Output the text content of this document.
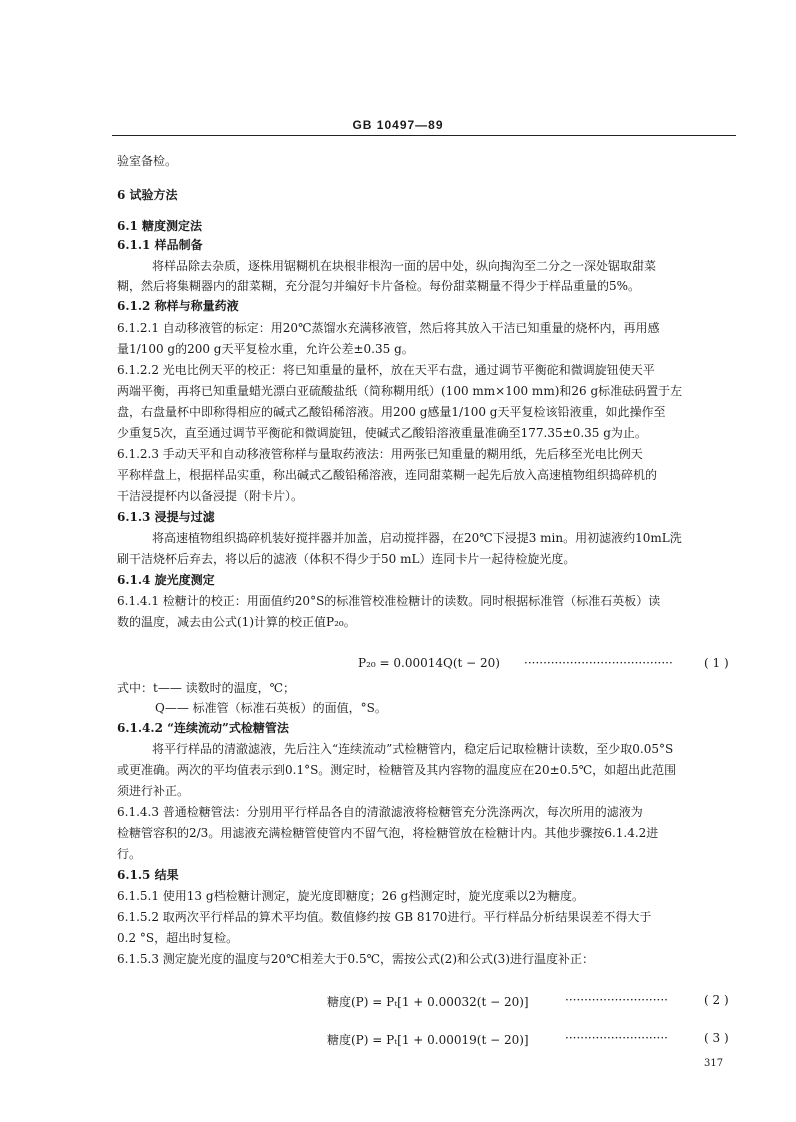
GB 10497—89
验室备检。
6 试验方法
6.1 糖度测定法
6.1.1 样品制备
将样品除去杂质，逐株用锯糊机在块根非根沟一面的居中处，纵向掏沟至二分之一深处锯取甜菜
糊，然后将集糊器内的甜菜糊，充分混匀并编好卡片备检。每份甜菜糊量不得少于样品重量的5%。
6.1.2 称样与称量药液
6.1.2.1 自动移液管的标定：用20℃蒸馏水充满移液管，然后将其放入干洁已知重量的烧杯内，再用感
量1/100 g的200 g天平复检水重，允许公差±0.35 g。
6.1.2.2 光电比例天平的校正：将已知重量的量杯，放在天平右盘，通过调节平衡砣和微调旋钮使天平
两端平衡，再将已知重量蜡光漂白亚硫酸盐纸（简称糊用纸）(100 mm×100 mm)和26 g标准砝码置于左
盘，右盘量杯中即称得相应的碱式乙酸铅稀溶液。用200 g感量1/100 g天平复检该铅液重，如此操作至
少重复5次，直至通过调节平衡砣和微调旋钮，使碱式乙酸铅溶液重量准确至177.35±0.35 g为止。
6.1.2.3 手动天平和自动移液管称样与量取药液法：用两张已知重量的糊用纸，先后移至光电比例天
平称样盘上，根据样品实重，称出碱式乙酸铅稀溶液，连同甜菜糊一起先后放入高速植物组织捣碎机的
干洁浸提杯内以备浸提（附卡片）。
6.1.3 浸提与过滤
将高速植物组织捣碎机装好搅拌器并加盖，启动搅拌器，在20℃下浸提3 min。用初滤液约10mL洗
刷干洁烧杯后弃去，将以后的滤液（体积不得少于50 mL）连同卡片一起待检旋光度。
6.1.4 旋光度测定
6.1.4.1 检糖计的校正：用面值约20°S的标准管校准检糖计的读数。同时根据标准管（标准石英板）读
数的温度，减去由公式(1)计算的校正值P₂₀。
P₂₀ = 0.00014Q(t − 20) ·······································	( 1 )
式中：t—— 读数时的温度，℃；
Q—— 标准管（标准石英板）的面值，°S。
6.1.4.2 “连续流动”式检糖管法
将平行样品的清澈滤液，先后注入“连续流动”式检糖管内，稳定后记取检糖计读数，至少取0.05°S
或更准确。两次的平均值表示到0.1°S。测定时，检糖管及其内容物的温度应在20±0.5℃，如超出此范围
须进行补正。
6.1.4.3 普通检糖管法：分别用平行样品各自的清澈滤液将检糖管充分洗涤两次，每次所用的滤液为
检糖管容积的2/3。用滤液充满检糖管使管内不留气泡，将检糖管放在检糖计内。其他步骤按6.1.4.2进
行。
6.1.5 结果
6.1.5.1 使用13 g档检糖计测定，旋光度即糖度；26 g档测定时，旋光度乘以2为糖度。
6.1.5.2 取两次平行样品的算术平均值。数值修约按 GB 8170进行。平行样品分析结果误差不得大于
0.2 °S，超出时复检。
6.1.5.3 测定旋光度的温度与20℃相差大于0.5℃，需按公式(2)和公式(3)进行温度补正：
糖度(P) = Pₜ[1 + 0.00032(t − 20)]	···························	( 2 )
糖度(P) = Pₜ[1 + 0.00019(t − 20)]	···························	( 3 )
317
